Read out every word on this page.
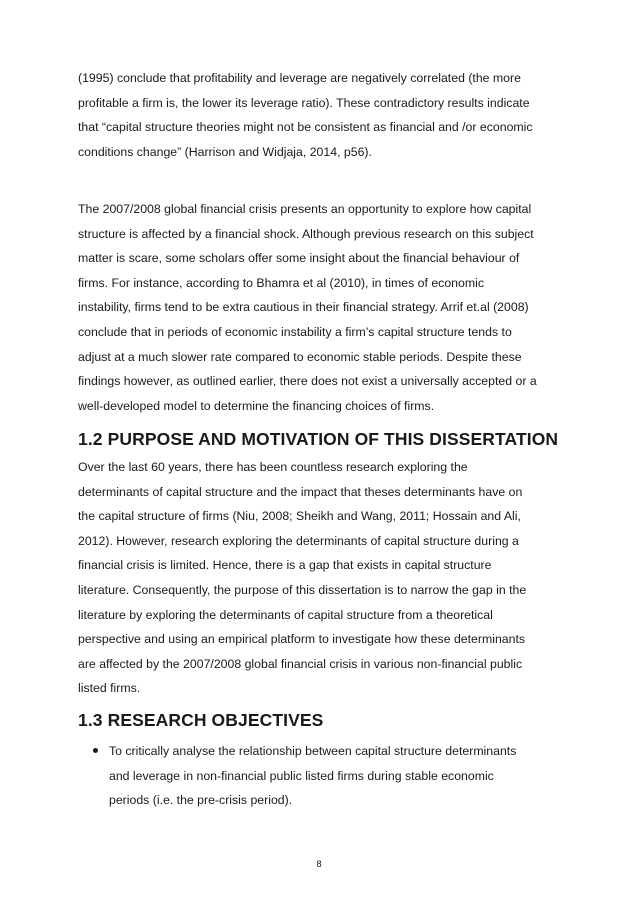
(1995) conclude that profitability and leverage are negatively correlated (the more
profitable a firm is, the lower its leverage ratio). These contradictory results indicate
that “capital structure theories might not be consistent as financial and /or economic
conditions change” (Harrison and Widjaja, 2014, p56).

The 2007/2008 global financial crisis presents an opportunity to explore how capital
structure is affected by a financial shock. Although previous research on this subject
matter is scare, some scholars offer some insight about the financial behaviour of
firms. For instance, according to Bhamra et al (2010), in times of economic
instability, firms tend to be extra cautious in their financial strategy. Arrif et.al (2008)
conclude that in periods of economic instability a firm’s capital structure tends to
adjust at a much slower rate compared to economic stable periods. Despite these
findings however, as outlined earlier, there does not exist a universally accepted or a
well-developed model to determine the financing choices of firms.

1.2 PURPOSE AND MOTIVATION OF THIS DISSERTATION

Over the last 60 years, there has been countless research exploring the
determinants of capital structure and the impact that theses determinants have on
the capital structure of firms (Niu, 2008; Sheikh and Wang, 2011; Hossain and Ali,
2012). However, research exploring the determinants of capital structure during a
financial crisis is limited. Hence, there is a gap that exists in capital structure
literature. Consequently, the purpose of this dissertation is to narrow the gap in the
literature by exploring the determinants of capital structure from a theoretical
perspective and using an empirical platform to investigate how these determinants
are affected by the 2007/2008 global financial crisis in various non-financial public
listed firms.

1.3 RESEARCH OBJECTIVES
To critically analyse the relationship between capital structure determinants
and leverage in non-financial public listed firms during stable economic
periods (i.e. the pre-crisis period).
8
